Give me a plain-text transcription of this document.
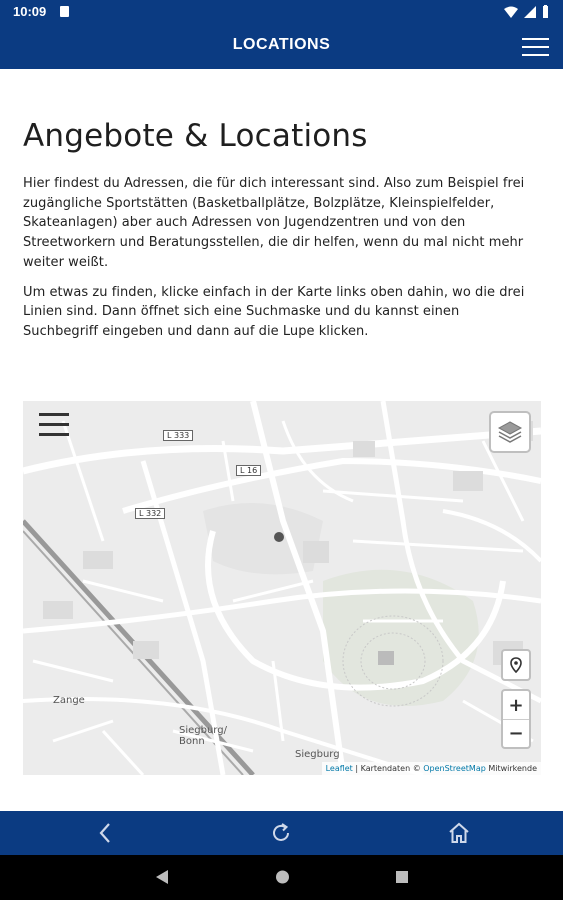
10:09
LOCATIONS
Angebote & Locations

Hier findest du Adressen, die für dich interessant sind. Also zum Beispiel frei zugängliche Sportstätten (Basketballplätze, Bolzplätze, Kleinspielfelder, Skateanlagen) aber auch Adressen von Jugendzentren und von den Streetworkern und Beratungsstellen, die dir helfen, wenn du mal nicht mehr weiter weißt.

Um etwas zu finden, klicke einfach in der Karte links oben dahin, wo die drei Linien sind. Dann öffnet sich eine Suchmaske und du kannst einen Suchbegriff eingeben und dann auf die Lupe klicken.

L 333
L 16
L 332
Zange
Siegburg/ Bonn
Siegburg
+
−
Leaflet | Kartendaten © OpenStreetMap Mitwirkende
